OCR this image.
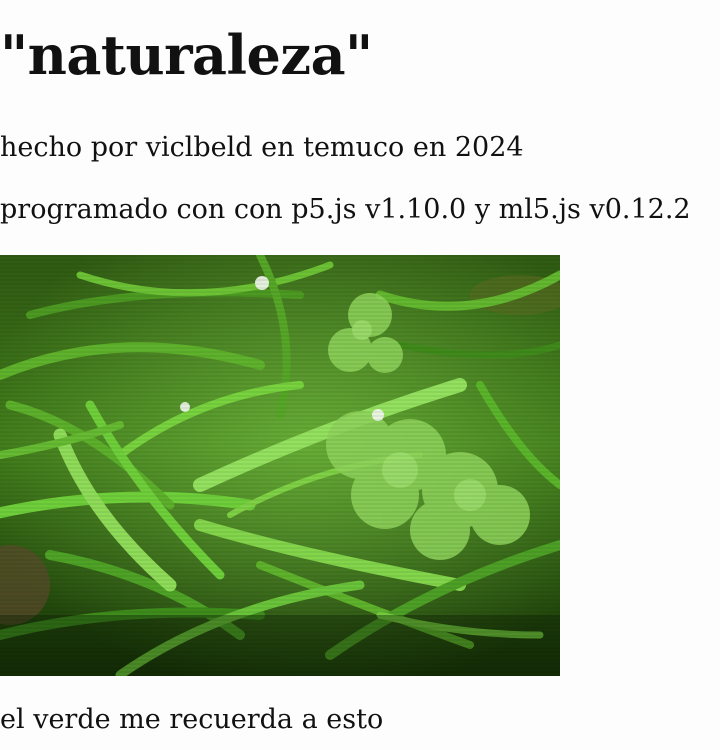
"naturaleza"

hecho por viclbeld en temuco en 2024

programado con con p5.js v1.10.0 y ml5.js v0.12.2

el verde me recuerda a esto
